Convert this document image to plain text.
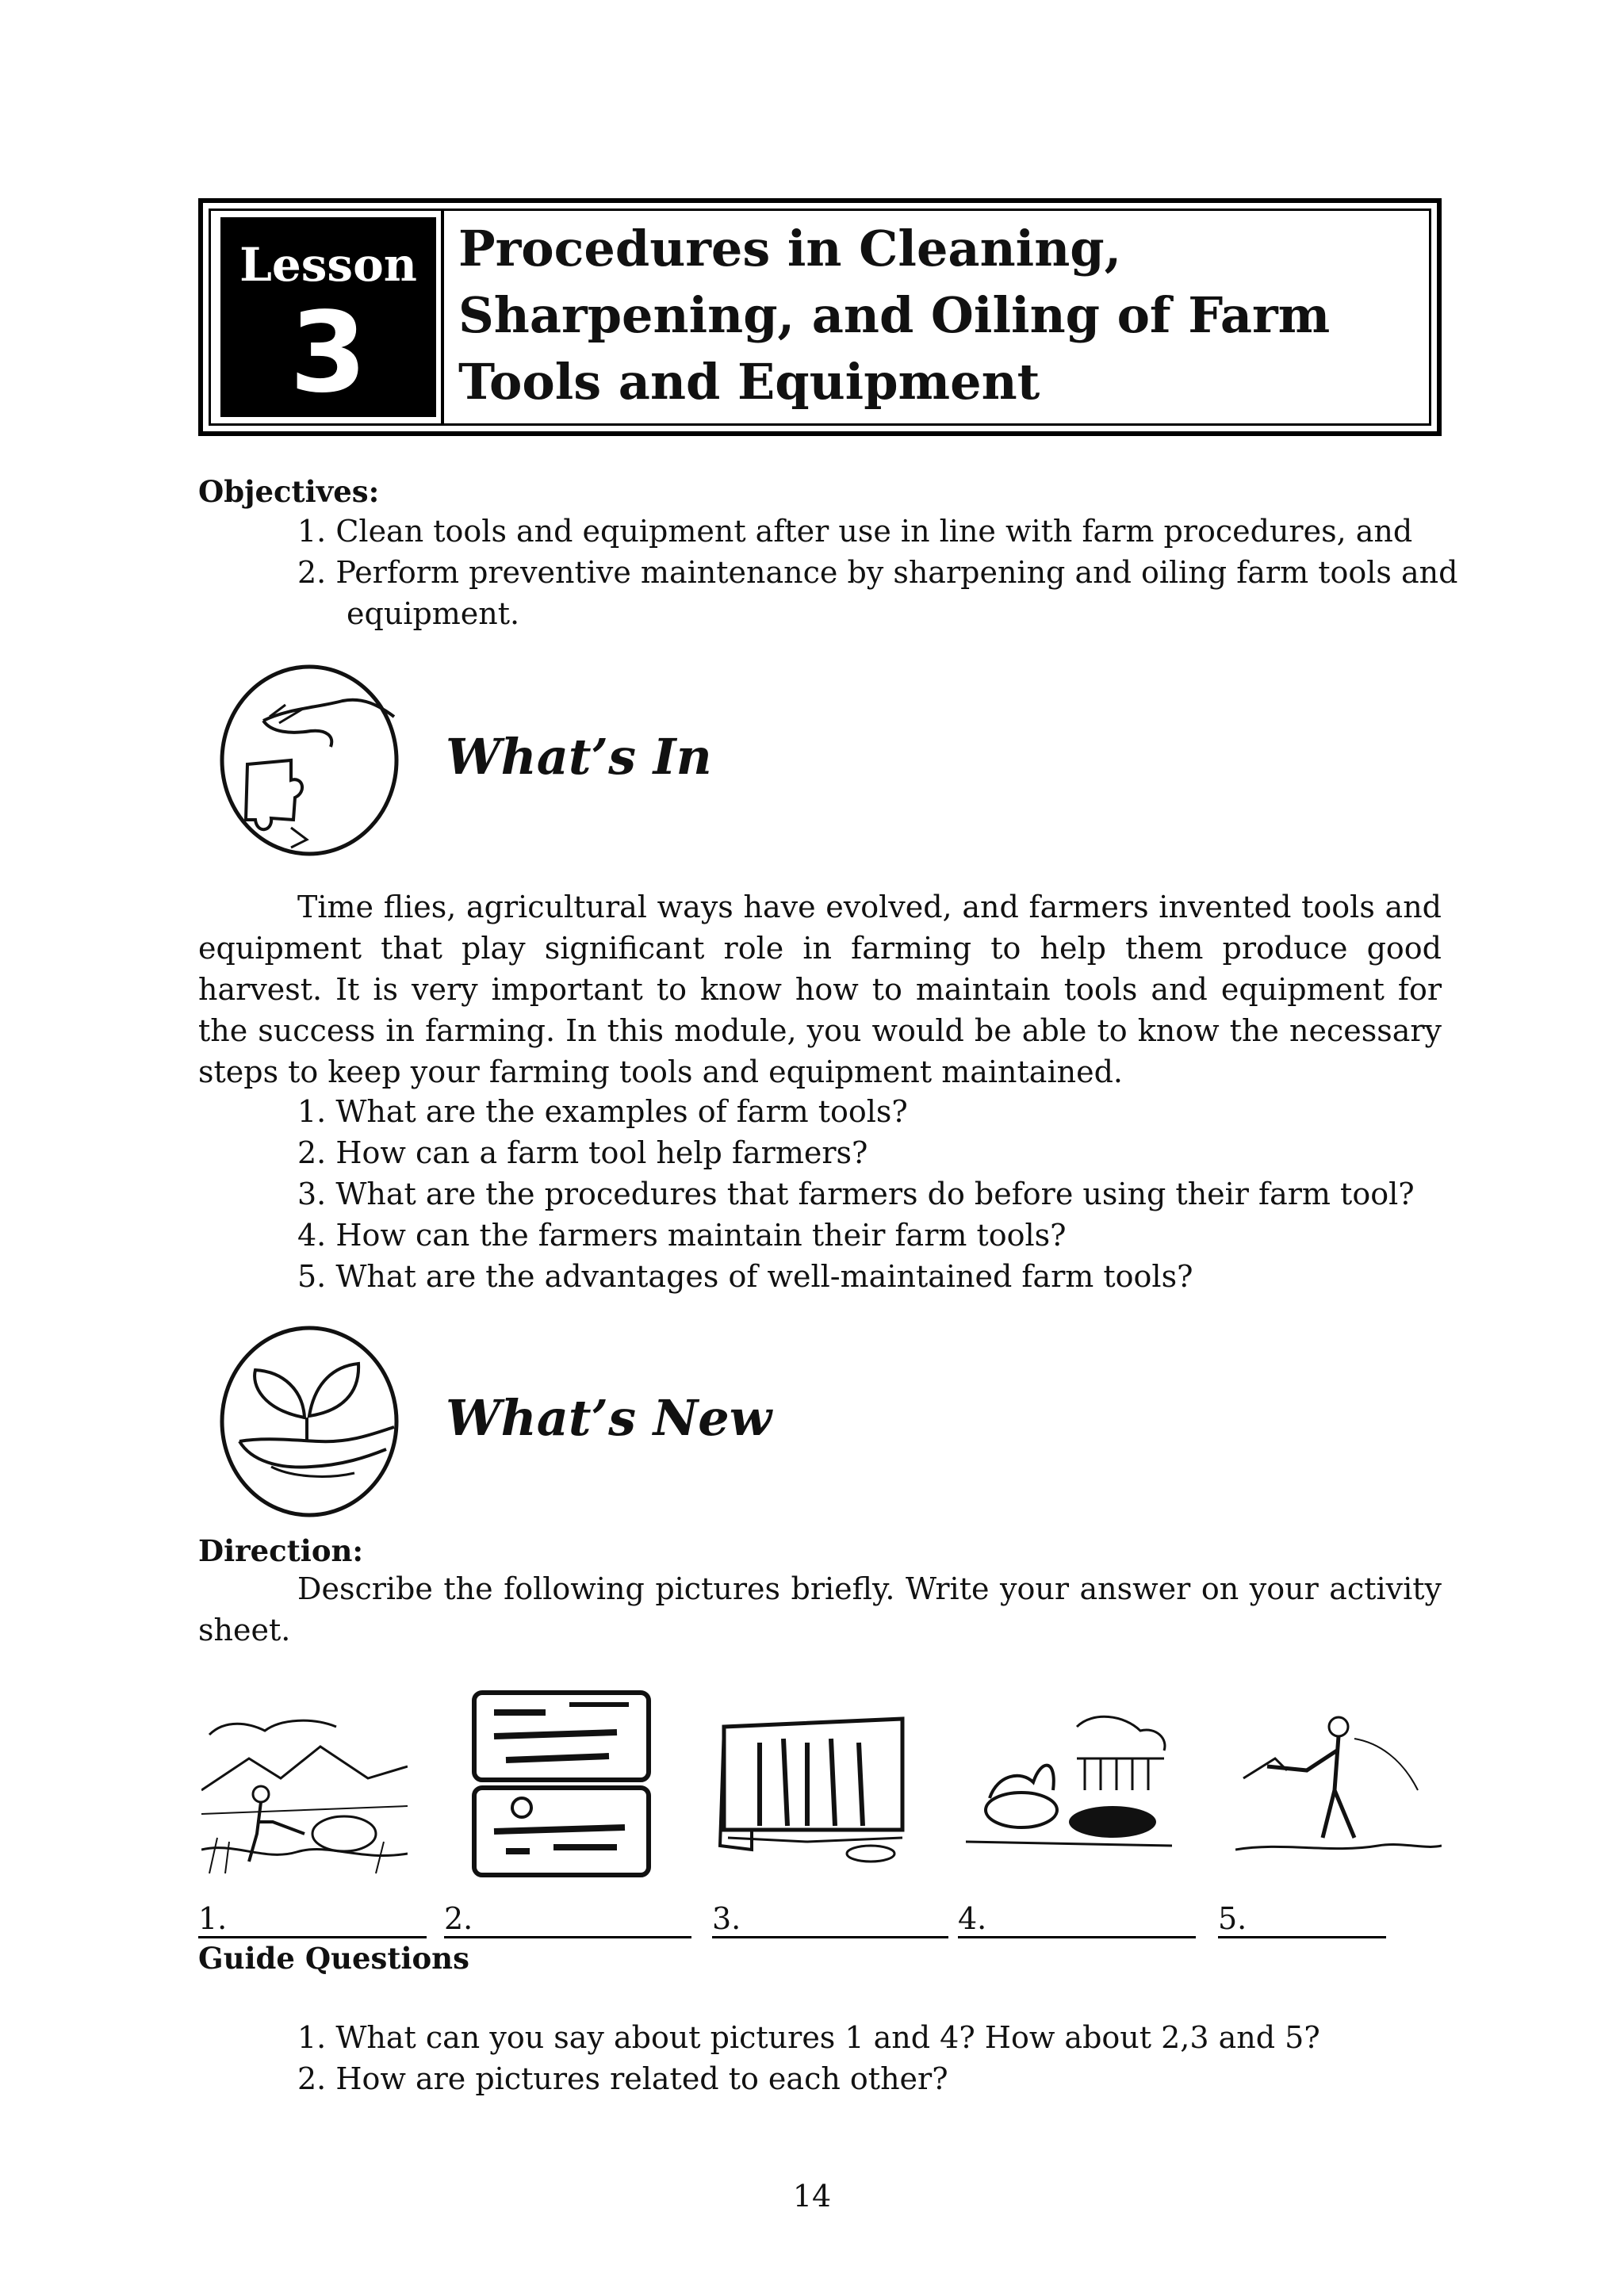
Lesson
3
Procedures in Cleaning, Sharpening, and Oiling of Farm Tools and Equipment
Objectives:
1. Clean tools and equipment after use in line with farm procedures, and
2. Perform preventive maintenance by sharpening and oiling farm tools and
equipment.
What’s In
Time flies, agricultural ways have evolved, and farmers invented tools and equipment that play significant role in farming to help them produce good harvest. It is very important to know how to maintain tools and equipment for the success in farming. In this module, you would be able to know the necessary steps to keep your farming tools and equipment maintained.
1. What are the examples of farm tools?
2. How can a farm tool help farmers?
3. What are the procedures that farmers do before using their farm tool?
4. How can the farmers maintain their farm tools?
5. What are the advantages of well-maintained farm tools?
What’s New
Direction:
Describe the following pictures briefly. Write your answer on your activity sheet.
1.	2.	3.	4.	5.
Guide Questions
1. What can you say about pictures 1 and 4? How about 2,3 and 5?
2. How are pictures related to each other?
14
